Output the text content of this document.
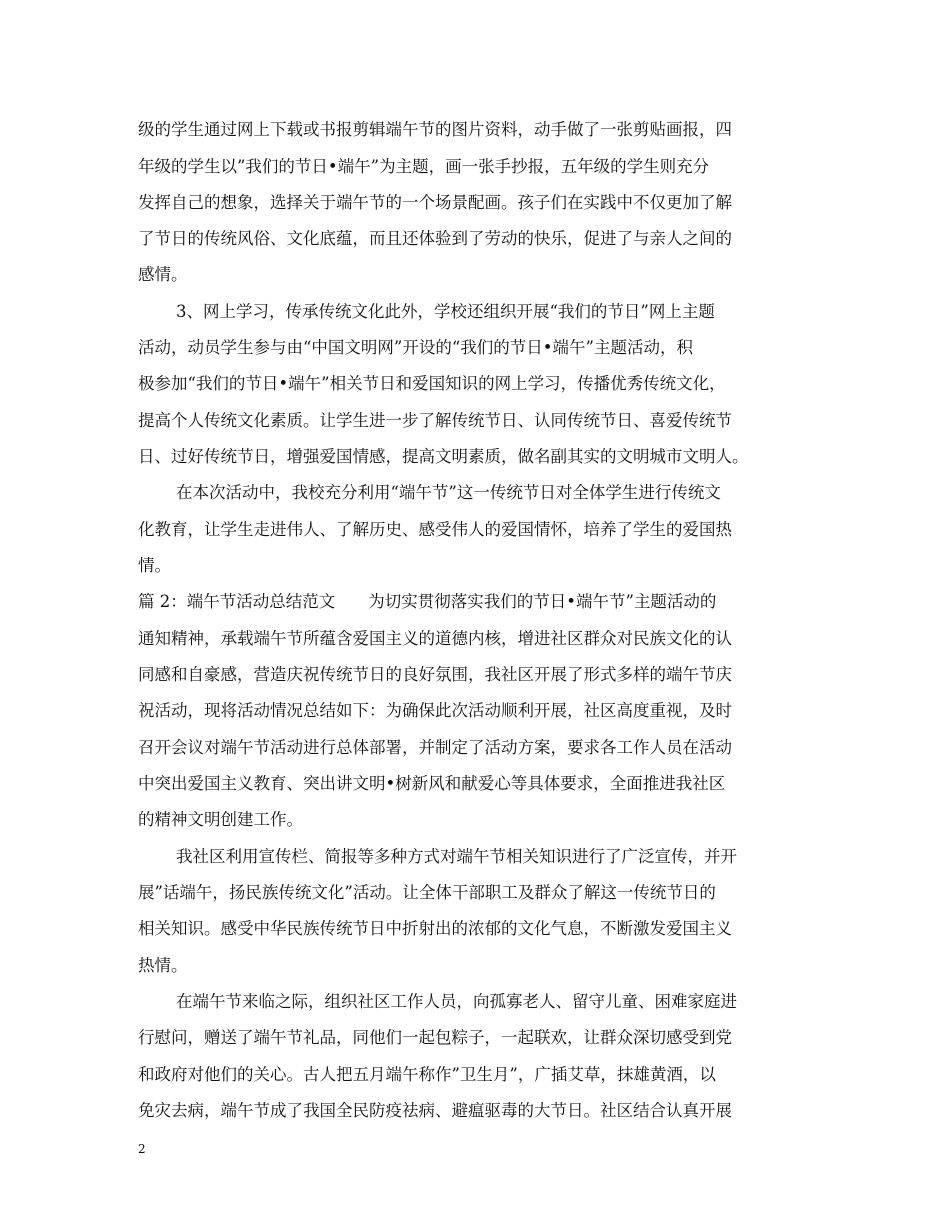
级的学生通过网上下载或书报剪辑端午节的图片资料，动手做了一张剪贴画报，四
年级的学生以”我们的节日•端午”为主题，画一张手抄报，五年级的学生则充分
发挥自己的想象，选择关于端午节的一个场景配画。孩子们在实践中不仅更加了解
了节日的传统风俗、文化底蕴，而且还体验到了劳动的快乐，促进了与亲人之间的
感情。
3、网上学习，传承传统文化此外，学校还组织开展“我们的节日”网上主题
活动，动员学生参与由“中国文明网”开设的“我们的节日•端午”主题活动，积
极参加“我们的节日•端午”相关节日和爱国知识的网上学习，传播优秀传统文化，
提高个人传统文化素质。让学生进一步了解传统节日、认同传统节日、喜爱传统节
日、过好传统节日，增强爱国情感，提高文明素质，做名副其实的文明城市文明人。
在本次活动中，我校充分利用“端午节”这一传统节日对全体学生进行传统文
化教育，让学生走进伟人、了解历史、感受伟人的爱国情怀，培养了学生的爱国热
情。
篇 2：端午节活动总结范文　　为切实贯彻落实我们的节日•端午节”主题活动的
通知精神，承载端午节所蕴含爱国主义的道德内核，增进社区群众对民族文化的认
同感和自豪感，营造庆祝传统节日的良好氛围，我社区开展了形式多样的端午节庆
祝活动，现将活动情况总结如下：为确保此次活动顺利开展，社区高度重视，及时
召开会议对端午节活动进行总体部署，并制定了活动方案，要求各工作人员在活动
中突出爱国主义教育、突出讲文明•树新风和献爱心等具体要求，全面推进我社区
的精神文明创建工作。
我社区利用宣传栏、简报等多种方式对端午节相关知识进行了广泛宣传，并开
展”话端午，扬民族传统文化”活动。让全体干部职工及群众了解这一传统节日的
相关知识。感受中华民族传统节日中折射出的浓郁的文化气息，不断激发爱国主义
热情。
在端午节来临之际，组织社区工作人员，向孤寡老人、留守儿童、困难家庭进
行慰问，赠送了端午节礼品，同他们一起包粽子，一起联欢，让群众深切感受到党
和政府对他们的关心。古人把五月端午称作”卫生月”，广插艾草，抹雄黄酒，以
免灾去病，端午节成了我国全民防疫祛病、避瘟驱毒的大节日。社区结合认真开展
2
